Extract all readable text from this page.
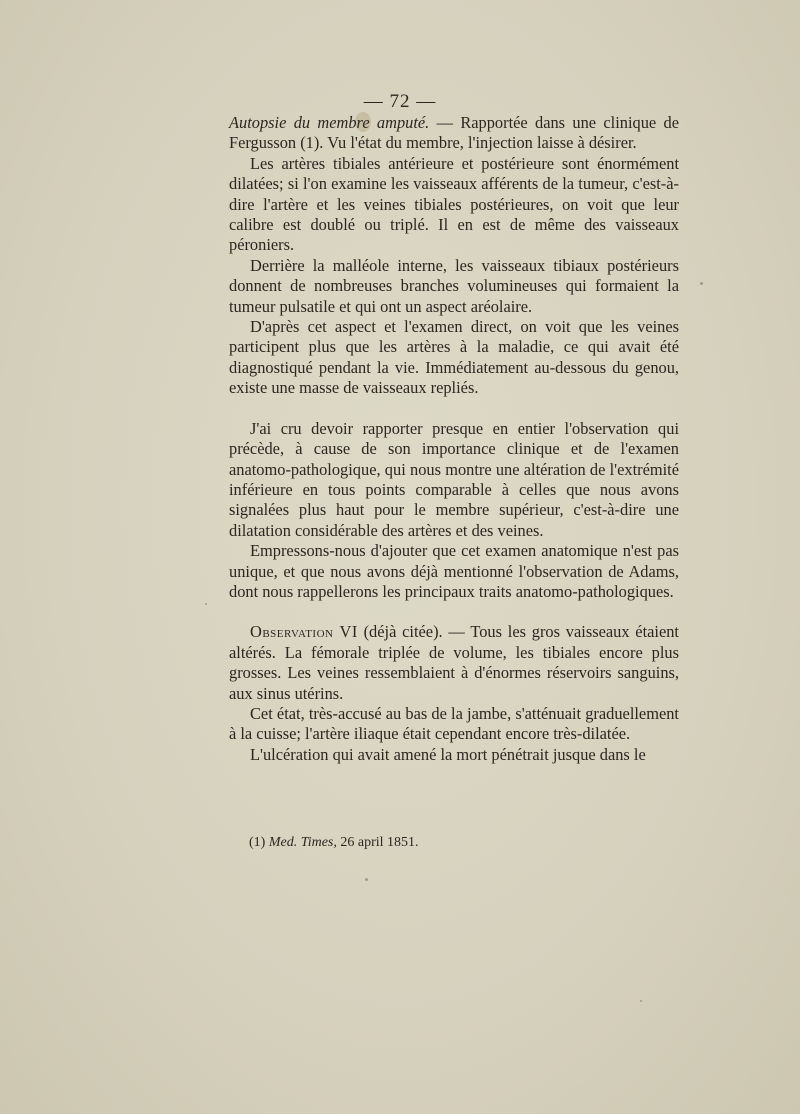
— 72 —

Autopsie du membre amputé. — Rapportée dans une clinique de Fergusson (1). Vu l'état du membre, l'injection laisse à désirer.

Les artères tibiales antérieure et postérieure sont énormément dilatées; si l'on examine les vaisseaux afférents de la tumeur, c'est-à-dire l'artère et les veines tibiales postérieures, on voit que leur calibre est doublé ou triplé. Il en est de même des vaisseaux péroniers.

Derrière la malléole interne, les vaisseaux tibiaux postérieurs donnent de nombreuses branches volumineuses qui formaient la tumeur pulsatile et qui ont un aspect aréolaire.

D'après cet aspect et l'examen direct, on voit que les veines participent plus que les artères à la maladie, ce qui avait été diagnostiqué pendant la vie. Immédiatement au-dessous du genou, existe une masse de vaisseaux repliés.

J'ai cru devoir rapporter presque en entier l'observation qui précède, à cause de son importance clinique et de l'examen anatomo-pathologique, qui nous montre une altération de l'extrémité inférieure en tous points comparable à celles que nous avons signalées plus haut pour le membre supérieur, c'est-à-dire une dilatation considérable des artères et des veines.

Empressons-nous d'ajouter que cet examen anatomique n'est pas unique, et que nous avons déjà mentionné l'observation de Adams, dont nous rappellerons les principaux traits anatomo-pathologiques.

Observation VI (déjà citée). — Tous les gros vaisseaux étaient altérés. La fémorale triplée de volume, les tibiales encore plus grosses. Les veines ressemblaient à d'énormes réservoirs sanguins, aux sinus utérins.

Cet état, très-accusé au bas de la jambe, s'atténuait graduellement à la cuisse; l'artère iliaque était cependant encore très-dilatée.

L'ulcération qui avait amené la mort pénétrait jusque dans le

(1) Med. Times, 26 april 1851.
